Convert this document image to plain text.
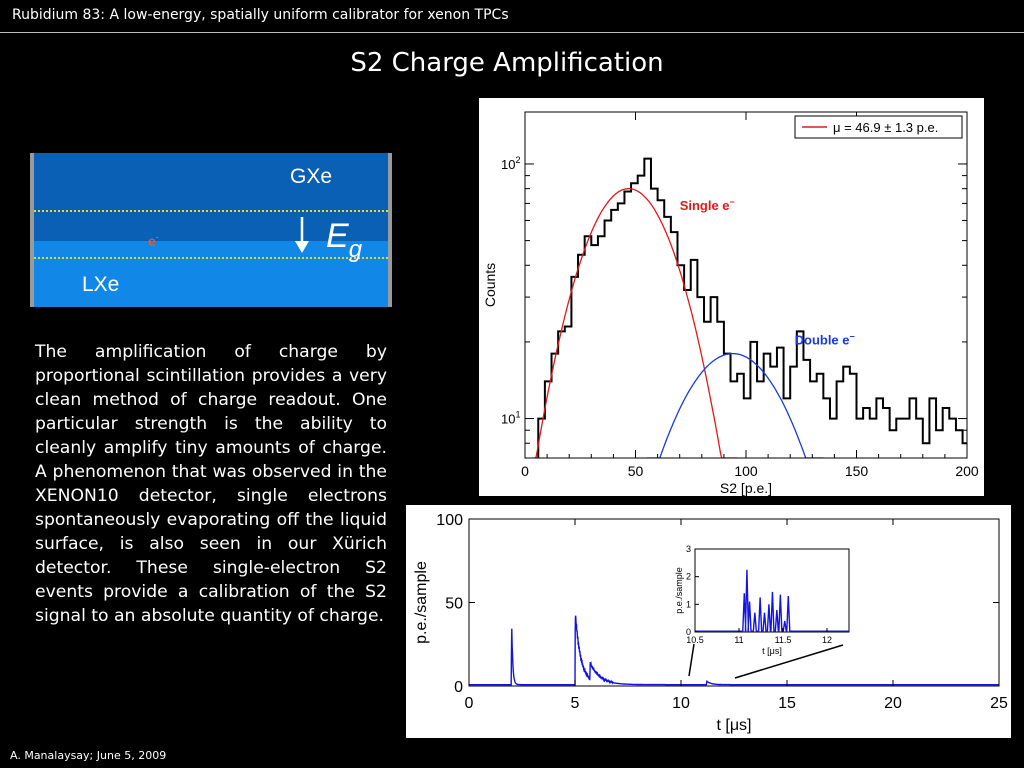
Rubidium 83: A low-energy, spatially uniform calibrator for xenon TPCs
S2 Charge Amplification
GXe
LXe
e-	$E_g$
The amplification of charge by proportional scintillation provides a very clean method of charge readout. One particular strength is the ability to cleanly amplify tiny amounts of charge. A phenomenon that was observed in the XENON10 detector, single electrons spontaneously evaporating off the liquid surface, is also seen in our Xürich detector. These single-electron S2 events provide a calibration of the S2 signal to an absolute quantity of charge.
0	50	100	150	200
$10^1$
$10^2$
S2 [p.e.]
Counts
μ = 46.9 ± 1.3 p.e.
Single e−
Double e−
0	5	10	15	20	25
0
50
100
t [μs]
p.e./sample	10.5	11	11.5	12
0
1
2
3
t [μs]
p.e./sample
A. Manalaysay; June 5, 2009
